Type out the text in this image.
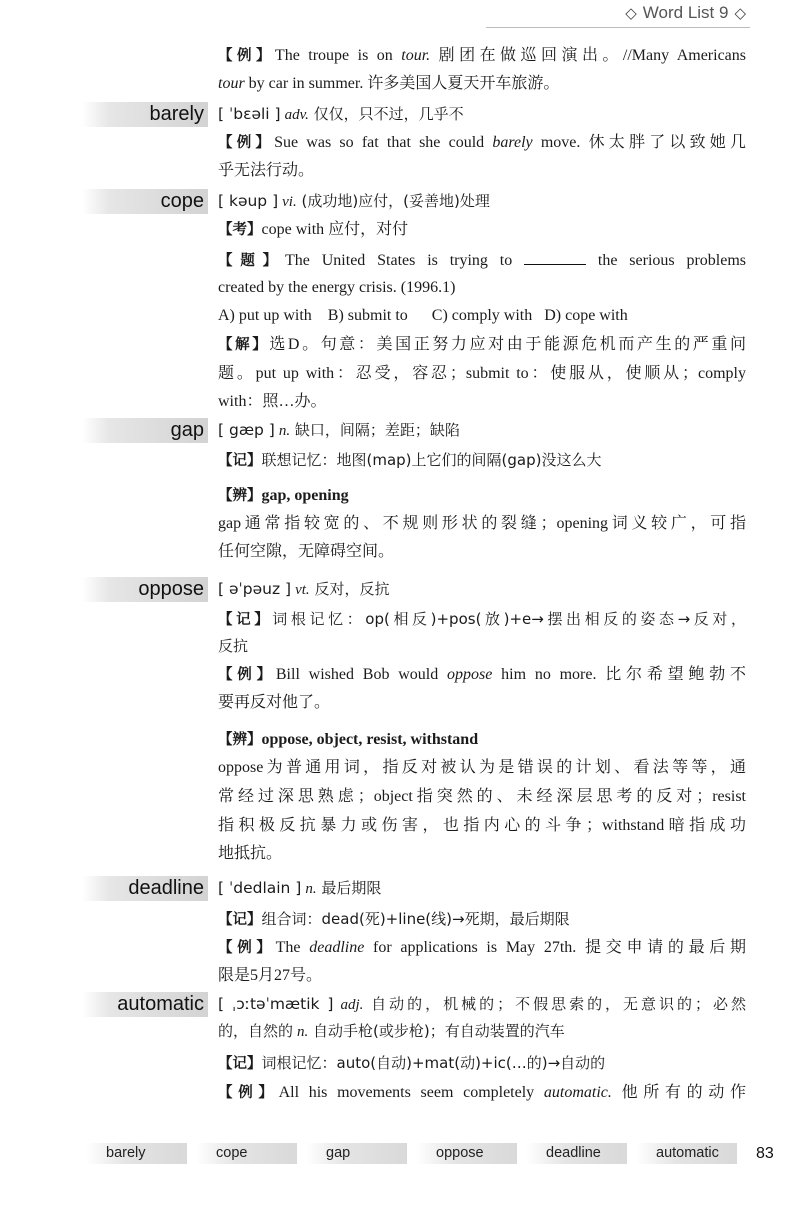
◇ Word List 9 ◇
barely
cope
gap
oppose
deadline
automatic
【例】The troupe is on tour. 剧团在做巡回演出。//Many Americans
tour by car in summer. 许多美国人夏天开车旅游。
[ ˈbɛəli ] adv. 仅仅，只不过，几乎不
【例】Sue was so fat that she could barely move. 休太胖了以致她几
乎无法行动。
[ kəup ] vi. (成功地)应付，(妥善地)处理
【考】cope with 应付，对付
【题】The United States is trying to	the serious problems
created by the energy crisis. (1996.1)
A) put up with    B) submit to      C) comply with   D) cope with
【解】选D。句意：美国正努力应对由于能源危机而产生的严重问
题。put up with：忍受，容忍；submit to：使服从，使顺从；comply
with：照…办。
[ gæp ] n. 缺口，间隔；差距；缺陷
【记】联想记忆：地图(map)上它们的间隔(gap)没这么大
【辨】gap, opening
gap通常指较宽的、不规则形状的裂缝；opening词义较广，可指
任何空隙，无障碍空间。
[ əˈpəuz ] vt. 反对，反抗
【记】词根记忆：op(相反)+pos(放)+e→摆出相反的姿态→反对，
反抗
【例】Bill wished Bob would oppose him no more. 比尔希望鲍勃不
要再反对他了。
【辨】oppose, object, resist, withstand
oppose为普通用词，指反对被认为是错误的计划、看法等等，通
常经过深思熟虑；object指突然的、未经深层思考的反对；resist
指积极反抗暴力或伤害，也指内心的斗争；withstand暗指成功
地抵抗。
[ ˈdedlain ] n. 最后期限
【记】组合词：dead(死)+line(线)→死期，最后期限
【例】The deadline for applications is May 27th. 提交申请的最后期
限是5月27号。
[ ˌɔːtəˈmætik ] adj. 自动的，机械的；不假思索的，无意识的；必然
的，自然的 n. 自动手枪(或步枪)；有自动装置的汽车
【记】词根记忆：auto(自动)+mat(动)+ic(…的)→自动的
【例】All his movements seem completely automatic. 他所有的动作
barely	cope	gap	oppose	deadline	automatic	83
